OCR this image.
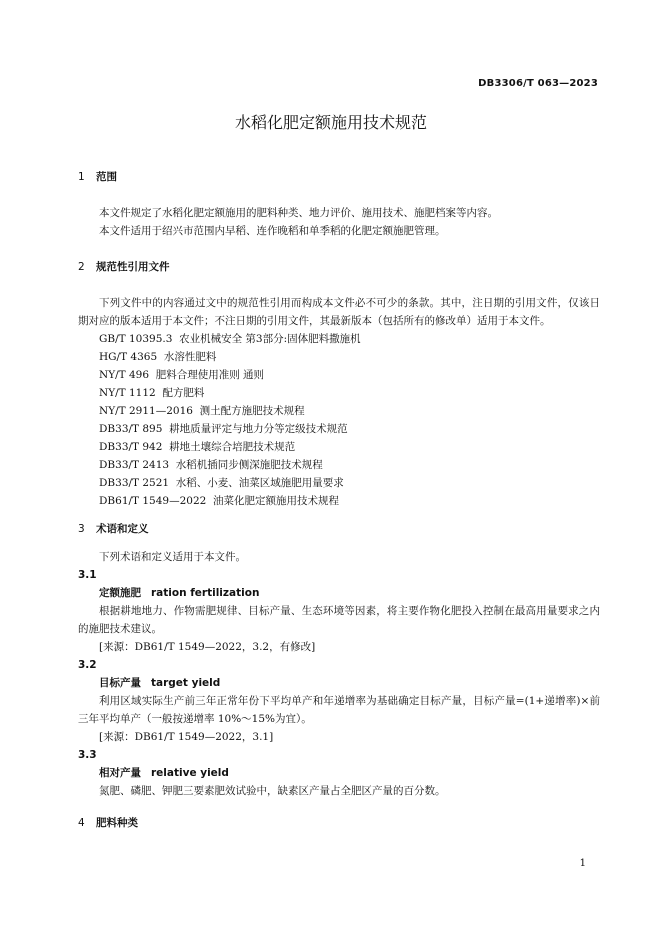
DB3306/T 063—2023
水稻化肥定额施用技术规范
1	范围

本文件规定了水稻化肥定额施用的肥料种类、地力评价、施用技术、施肥档案等内容。

本文件适用于绍兴市范围内早稻、连作晚稻和单季稻的化肥定额施肥管理。

2	规范性引用文件

下列文件中的内容通过文中的规范性引用而构成本文件必不可少的条款。其中，注日期的引用文件，仅该日期对应的版本适用于本文件；不注日期的引用文件，其最新版本（包括所有的修改单）适用于本文件。

GB/T 10395.3  农业机械安全 第3部分:固体肥料撒施机

HG/T 4365  水溶性肥料

NY/T 496  肥料合理使用准则 通则

NY/T 1112  配方肥料

NY/T 2911—2016  测土配方施肥技术规程

DB33/T 895  耕地质量评定与地力分等定级技术规范

DB33/T 942  耕地土壤综合培肥技术规范

DB33/T 2413  水稻机插同步侧深施肥技术规程

DB33/T 2521  水稻、小麦、油菜区域施肥用量要求

DB61/T 1549—2022  油菜化肥定额施用技术规程

3	术语和定义

下列术语和定义适用于本文件。

3.1
定额施肥 ration fertilization

根据耕地地力、作物需肥规律、目标产量、生态环境等因素，将主要作物化肥投入控制在最高用量要求之内的施肥技术建议。

[来源：DB61/T 1549—2022，3.2，有修改]
3.2
目标产量 target yield

利用区域实际生产前三年正常年份下平均单产和年递增率为基础确定目标产量，目标产量=(1+递增率)×前三年平均单产（一般按递增率 10%～15%为宜）。

[来源：DB61/T 1549—2022，3.1]
3.3
相对产量 relative yield

氮肥、磷肥、钾肥三要素肥效试验中，缺素区产量占全肥区产量的百分数。

4	肥料种类
1
